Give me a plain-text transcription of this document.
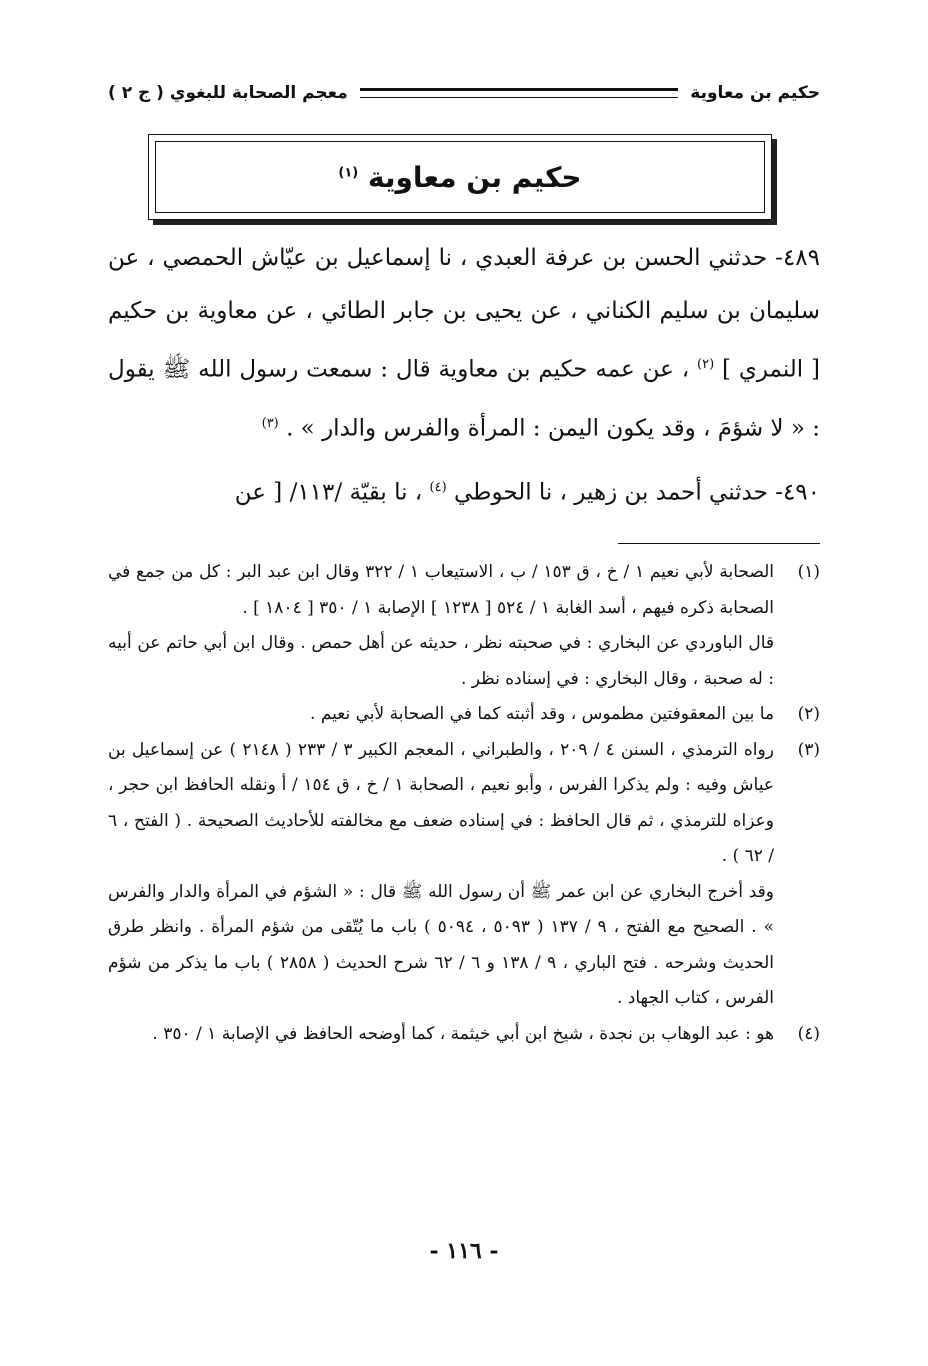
حكيم بن معاوية
معجم الصحابة للبغوي ( ج ٢ )
حكيم بن معاوية $^{(١)}$

٤٨٩- حدثني الحسن بن عرفة العبدي ، نا إسماعيل بن عيّاش الحمصي ، عن سليمان بن سليم الكناني ، عن يحيى بن جابر الطائي ، عن معاوية بن حكيم [ النمري ] $^{(٢)}$ ، عن عمه حكيم بن معاوية قال : سمعت رسول الله ﷺ يقول : « لا شؤمَ ، وقد يكون اليمن : المرأة والفرس والدار » . $^{(٣)}$

٤٩٠- حدثني أحمد بن زهير ، نا الحوطي $^{(٤)}$ ، نا بقيّة /١١٣/ [ عن

(١)

الصحابة لأبي نعيم ١ / خ ، ق ١٥٣ / ب ، الاستيعاب ١ / ٣٢٢ وقال ابن عبد البر : كل من جمع في الصحابة ذكره فيهم ، أسد الغابة ١ / ٥٢٤ [ ١٢٣٨ ] الإصابة ١ / ٣٥٠ [ ١٨٠٤ ] .

قال الباوردي عن البخاري : في صحبته نظر ، حديثه عن أهل حمص . وقال ابن أبي حاتم عن أبيه : له صحبة ، وقال البخاري : في إسناده نظر .

(٢)

ما بين المعقوفتين مطموس ، وقد أثبته كما في الصحابة لأبي نعيم .

(٣)

رواه الترمذي ، السنن ٤ / ٢٠٩ ، والطبراني ، المعجم الكبير ٣ / ٢٣٣ ( ٢١٤٨ ) عن إسماعيل بن عياش وفيه : ولم يذكرا الفرس ، وأبو نعيم ، الصحابة ١ / خ ، ق ١٥٤ / أ ونقله الحافظ ابن حجر ، وعزاه للترمذي ، ثم قال الحافظ : في إسناده ضعف مع مخالفته للأحاديث الصحيحة . ( الفتح ، ٦ / ٦٢ ) .

وقد أخرج البخاري عن ابن عمر ﷺ أن رسول الله ﷺ قال : « الشؤم في المرأة والدار والفرس » . الصحيح مع الفتح ، ٩ / ١٣٧ ( ٥٠٩٣ ، ٥٠٩٤ ) باب ما يُتّقى من شؤم المرأة . وانظر طرق الحديث وشرحه . فتح الباري ، ٩ / ١٣٨ و ٦ / ٦٢ شرح الحديث ( ٢٨٥٨ ) باب ما يذكر من شؤم الفرس ، كتاب الجهاد .

(٤)

هو : عبد الوهاب بن نجدة ، شيخ ابن أبي خيثمة ، كما أوضحه الحافظ في الإصابة ١ / ٣٥٠ .

- ١١٦ -
